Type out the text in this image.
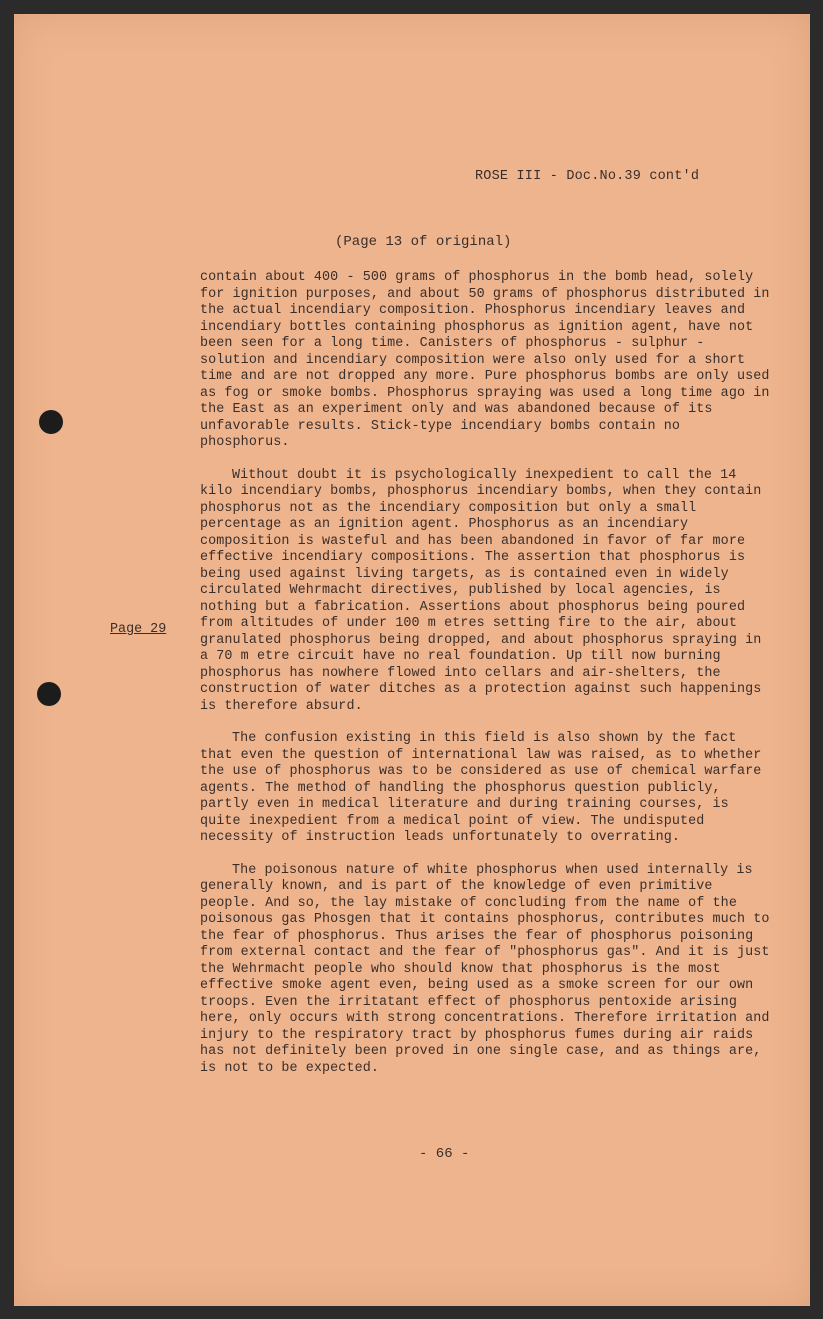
ROSE III - Doc.No.39 cont'd
(Page 13 of original)
Page 29

contain about 400 - 500 grams of phosphorus in the bomb head, solely for ignition purposes, and about 50 grams of phosphorus distributed in the actual incendiary composition. Phosphorus incendiary leaves and incendiary bottles containing phosphorus as ignition agent, have not been seen for a long time. Canisters of phosphorus - sulphur - solution and incendiary composition were also only used for a short time and are not dropped any more. Pure phosphorus bombs are only used as fog or smoke bombs. Phosphorus spraying was used a long time ago in the East as an experiment only and was abandoned because of its unfavorable results. Stick-type incendiary bombs contain no phosphorus.

Without doubt it is psychologically inexpedient to call the 14 kilo incendiary bombs, phosphorus incendiary bombs, when they contain phosphorus not as the incendiary composition but only a small percentage as an ignition agent. Phosphorus as an incendiary composition is wasteful and has been abandoned in favor of far more effective incendiary compositions. The assertion that phosphorus is being used against living targets, as is contained even in widely circulated Wehrmacht directives, published by local agencies, is nothing but a fabrication. Assertions about phosphorus being poured from altitudes of under 100 m etres setting fire to the air, about granulated phosphorus being dropped, and about phosphorus spraying in a 70 m etre circuit have no real foundation. Up till now burning phosphorus has nowhere flowed into cellars and air-shelters, the construction of water ditches as a protection against such happenings is therefore absurd.

The confusion existing in this field is also shown by the fact that even the question of international law was raised, as to whether the use of phosphorus was to be considered as use of chemical warfare agents. The method of handling the phosphorus question publicly, partly even in medical literature and during training courses, is quite inexpedient from a medical point of view. The undisputed necessity of instruction leads unfortunately to overrating.

The poisonous nature of white phosphorus when used internally is generally known, and is part of the knowledge of even primitive people. And so, the lay mistake of concluding from the name of the poisonous gas Phosgen that it contains phosphorus, contributes much to the fear of phosphorus. Thus arises the fear of phosphorus poisoning from external contact and the fear of "phosphorus gas". And it is just the Wehrmacht people who should know that phosphorus is the most effective smoke agent even, being used as a smoke screen for our own troops. Even the irritatant effect of phosphorus pentoxide arising here, only occurs with strong concentrations. Therefore irritation and injury to the respiratory tract by phosphorus fumes during air raids has not definitely been proved in one single case, and as things are, is not to be expected.

- 66 -
